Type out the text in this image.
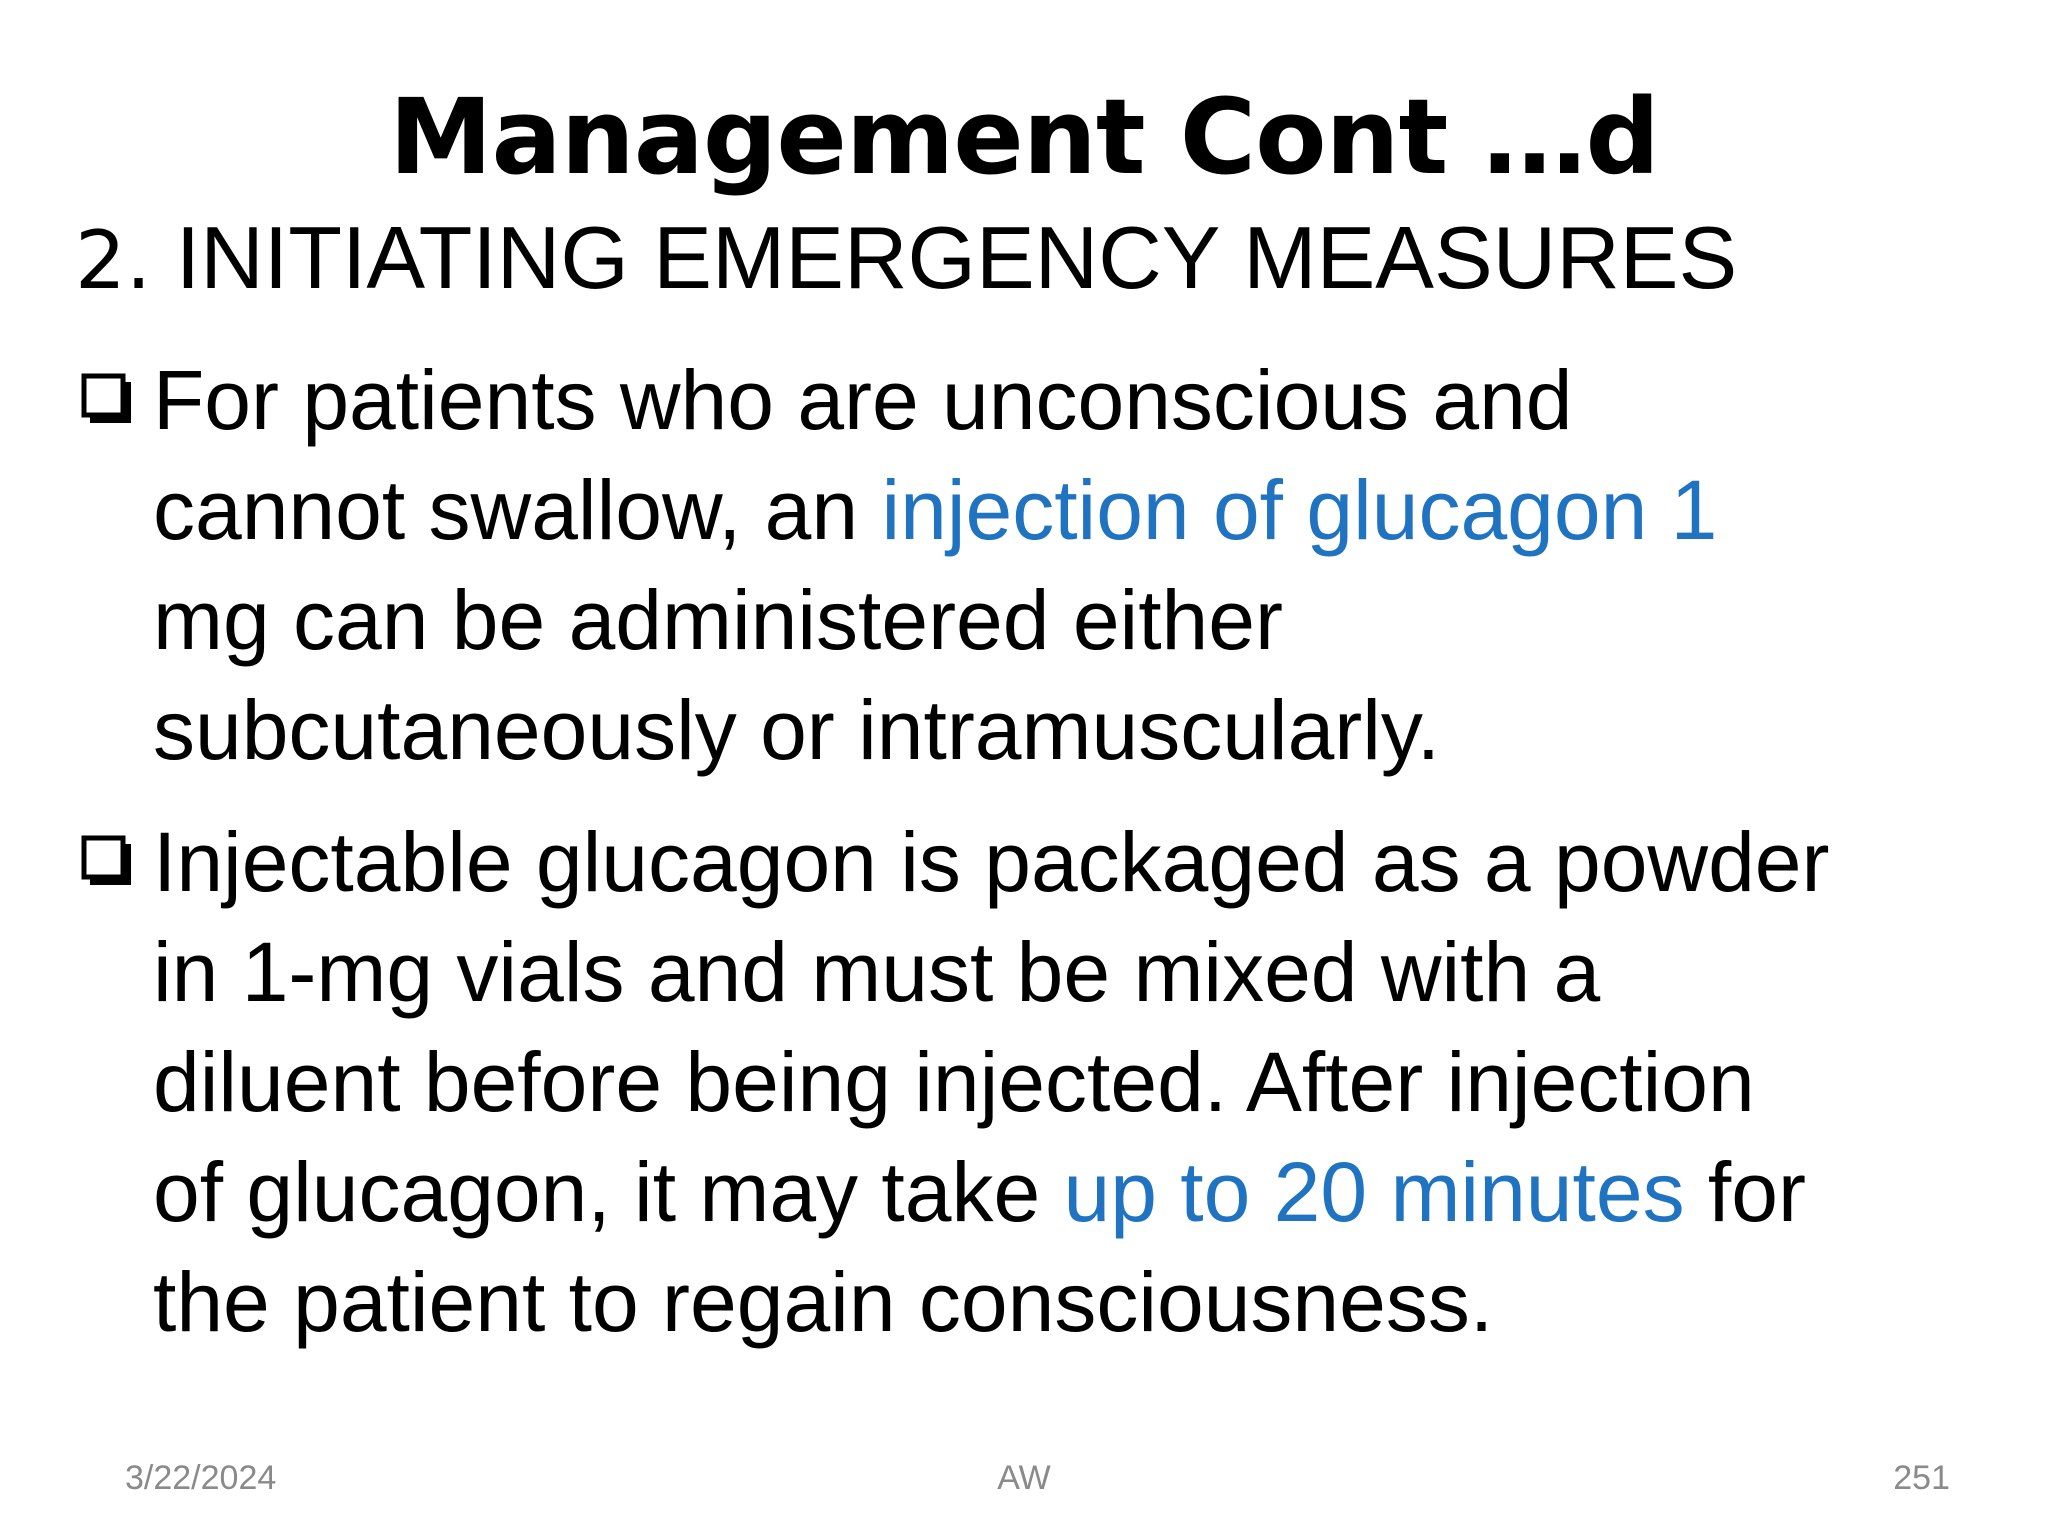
Management Cont …d
2. INITIATING EMERGENCY MEASURES
For patients who are unconscious and
cannot swallow, an injection of glucagon 1
mg can be administered either
subcutaneously or intramuscularly.
Injectable glucagon is packaged as a powder
in 1-mg vials and must be mixed with a
diluent before being injected. After injection
of glucagon, it may take up to 20 minutes for
the patient to regain consciousness.
3/22/2024	AW	251
